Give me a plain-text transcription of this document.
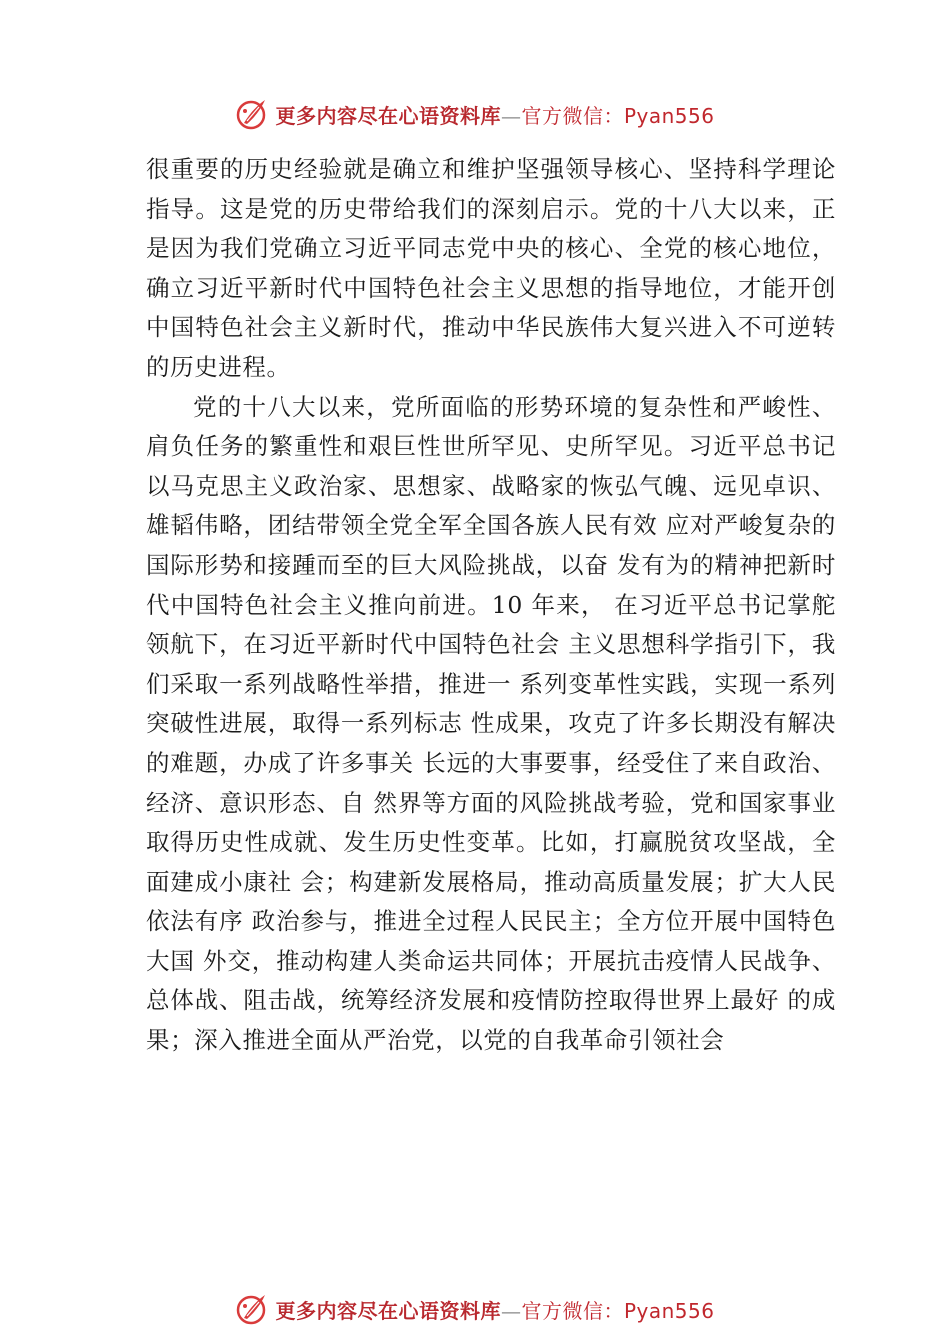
更多内容尽在心语资料库—官方微信：Pyan556

很重要的历史经验就是确立和维护坚强领导核心、坚持科学理论指导。这是党的历史带给我们的深刻启示。党的十八大以来，正是因为我们党确立习近平同志党中央的核心、全党的核心地位，确立习近平新时代中国特色社会主义思想的指导地位，才能开创中国特色社会主义新时代，推动中华民族伟大复兴进入不可逆转的历史进程。

党的十八大以来，党所面临的形势环境的复杂性和严峻性、肩负任务的繁重性和艰巨性世所罕见、史所罕见。习近平总书记以马克思主义政治家、思想家、战略家的恢弘气魄、远见卓识、雄韬伟略，团结带领全党全军全国各族人民有效 应对严峻复杂的国际形势和接踵而至的巨大风险挑战，以奋 发有为的精神把新时代中国特色社会主义推向前进。10 年来， 在习近平总书记掌舵领航下，在习近平新时代中国特色社会 主义思想科学指引下，我们采取一系列战略性举措，推进一 系列变革性实践，实现一系列突破性进展，取得一系列标志 性成果，攻克了许多长期没有解决的难题，办成了许多事关 长远的大事要事，经受住了来自政治、经济、意识形态、自 然界等方面的风险挑战考验，党和国家事业取得历史性成就、发生历史性变革。比如，打赢脱贫攻坚战，全面建成小康社 会；构建新发展格局，推动高质量发展；扩大人民依法有序 政治参与，推进全过程人民民主；全方位开展中国特色大国 外交，推动构建人类命运共同体；开展抗击疫情人民战争、总体战、阻击战，统筹经济发展和疫情防控取得世界上最好 的成果；深入推进全面从严治党，以党的自我革命引领社会

更多内容尽在心语资料库—官方微信：Pyan556
